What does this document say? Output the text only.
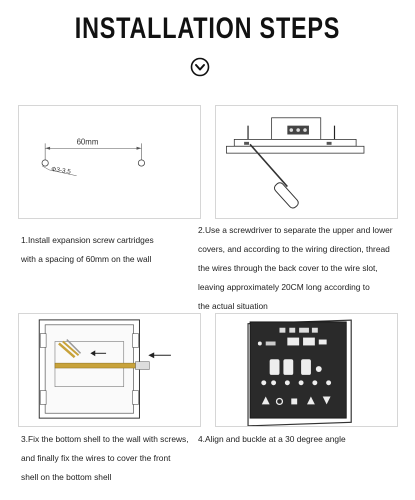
INSTALLATION STEPS
60mm
Φ3-3.5
1.Install expansion screw cartridges
with a spacing of 60mm on the wall
2.Use a screwdriver to separate the upper and lower
covers, and according to the wiring direction, thread
the wires through the back cover to the wire slot,
leaving approximately 20CM long according to
the actual situation
3.Fix the bottom shell to the wall with screws,
and finally fix the wires to cover the front
shell on the bottom shell
4.Align and buckle at a 30 degree angle
